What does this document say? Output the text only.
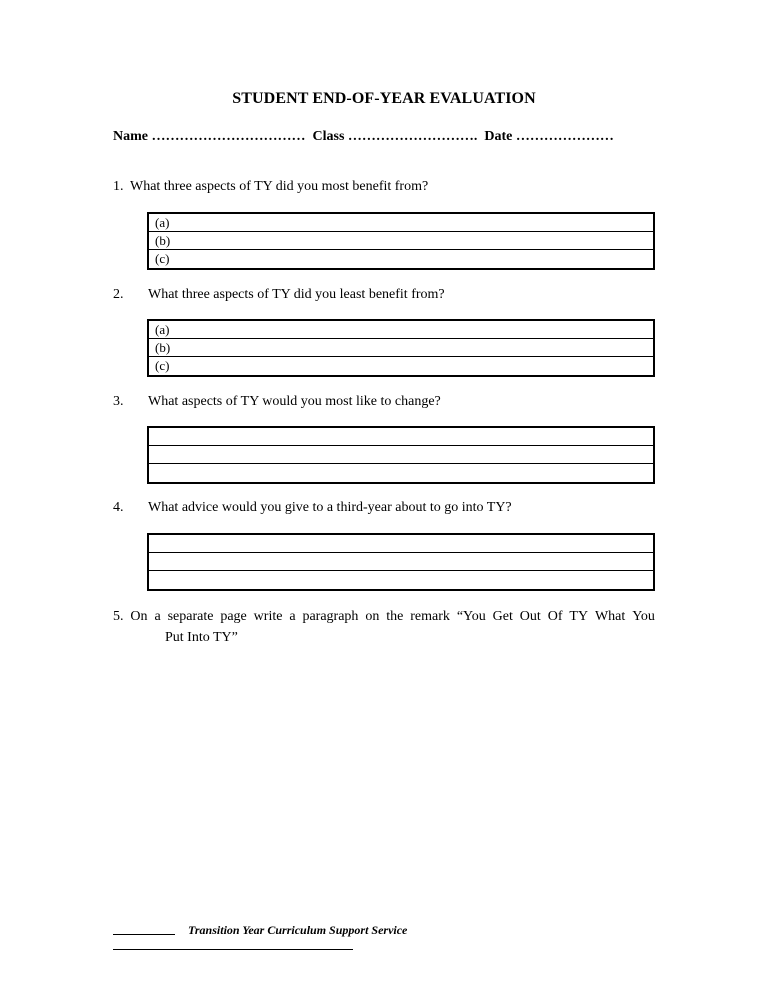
STUDENT END-OF-YEAR EVALUATION
Name …………………………… Class ………………………. Date …………………
1. What three aspects of TY did you most benefit from?
(a)
(b)
(c)
2. What three aspects of TY did you least benefit from?
(a)
(b)
(c)
3. What aspects of TY would you most like to change?
4. What advice would you give to a third-year about to go into TY?
5. On a separate page write a paragraph on the remark “You Get Out Of TY What You
Put Into TY”
Transition Year Curriculum Support Service
